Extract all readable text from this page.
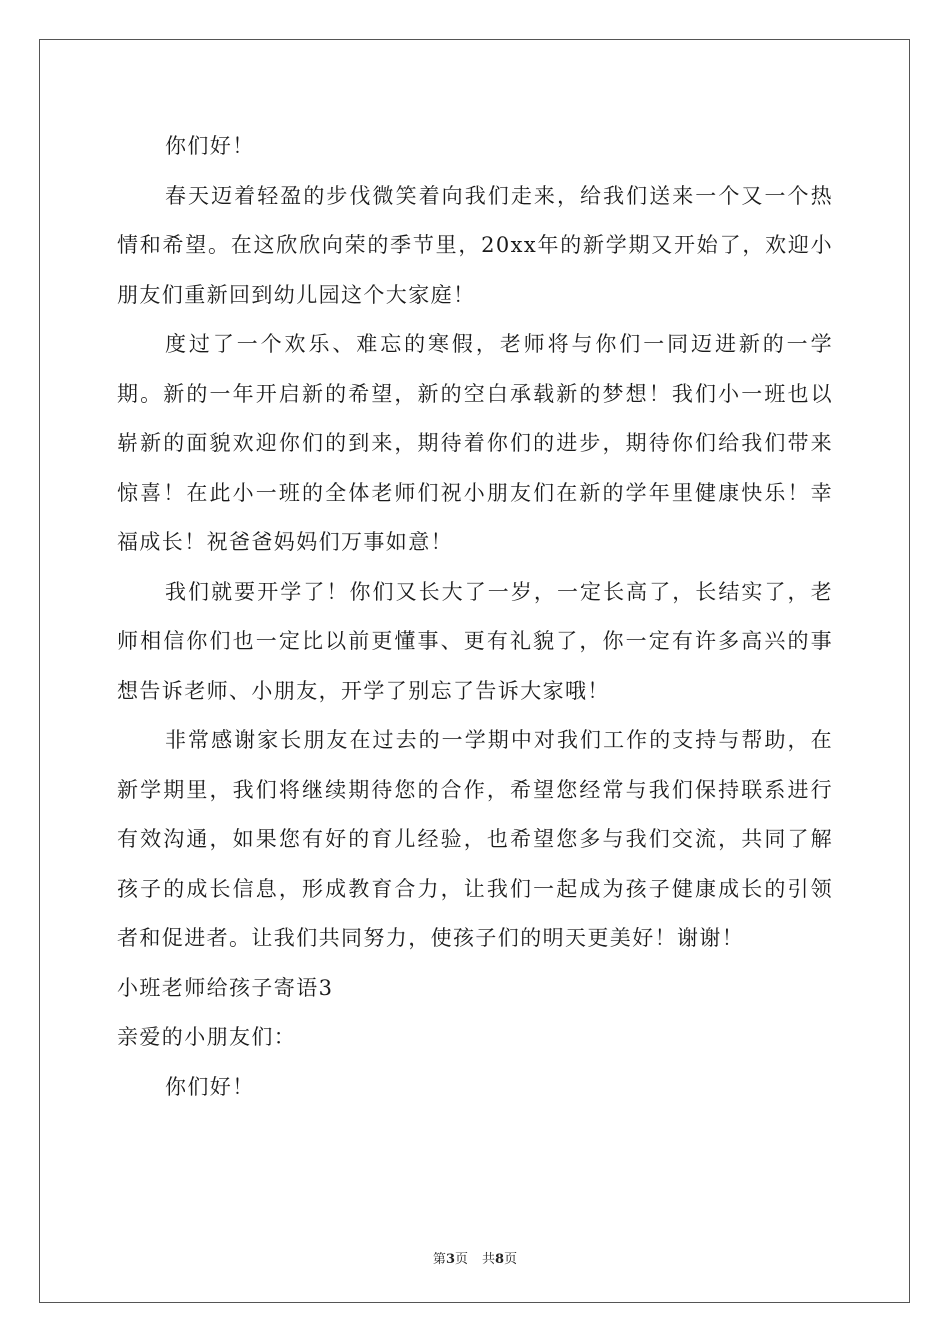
你们好！

春天迈着轻盈的步伐微笑着向我们走来，给我们送来一个又一个热情和希望。在这欣欣向荣的季节里，20xx年的新学期又开始了，欢迎小朋友们重新回到幼儿园这个大家庭！

度过了一个欢乐、难忘的寒假，老师将与你们一同迈进新的一学期。新的一年开启新的希望，新的空白承载新的梦想！我们小一班也以崭新的面貌欢迎你们的到来，期待着你们的进步，期待你们给我们带来惊喜！在此小一班的全体老师们祝小朋友们在新的学年里健康快乐！幸福成长！祝爸爸妈妈们万事如意！

我们就要开学了！你们又长大了一岁，一定长高了，长结实了，老师相信你们也一定比以前更懂事、更有礼貌了，你一定有许多高兴的事想告诉老师、小朋友，开学了别忘了告诉大家哦！

非常感谢家长朋友在过去的一学期中对我们工作的支持与帮助，在新学期里，我们将继续期待您的合作，希望您经常与我们保持联系进行有效沟通，如果您有好的育儿经验，也希望您多与我们交流，共同了解孩子的成长信息，形成教育合力，让我们一起成为孩子健康成长的引领者和促进者。让我们共同努力，使孩子们的明天更美好！谢谢！

小班老师给孩子寄语3

亲爱的小朋友们：

你们好！

第3页 共8页
